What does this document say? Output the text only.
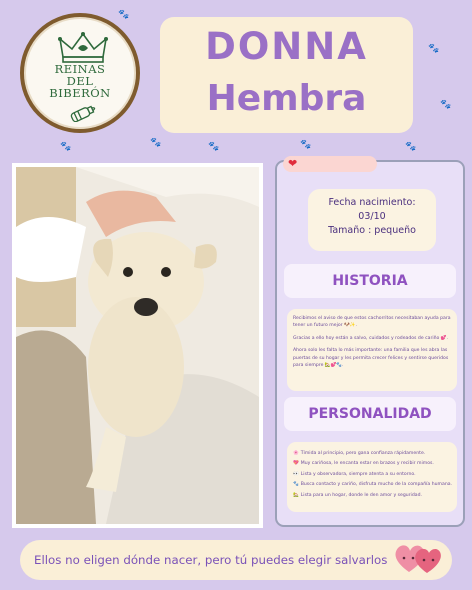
🐾
🐾
🐾
🐾
🐾
🐾
🐾	🐾
REINAS
DEL
BIBERÓN
DONNA
Hembra
❤
Fecha nacimiento:
03/10
Tamaño : pequeño
HISTORIA

Recibimos el aviso de que estos cachorritos necesitaban ayuda para tener un futuro mejor 🐶✨.

Gracias a ello hoy están a salvo, cuidados y rodeados de cariño 💕.

Ahora solo les falta lo más importante: una familia que les abra las puertas de su hogar y les permita crecer felices y sentirse queridos para siempre 🏡💕🐾.

PERSONALIDAD
🌸 Tímida al principio, pero gana confianza rápidamente.
💖 Muy cariñosa, le encanta estar en brazos y recibir mimos.
👀 Lista y observadora, siempre atenta a su entorno.
🐾 Busca contacto y cariño, disfruta mucho de la compañía humana.
🏡 Lista para un hogar, donde le den amor y seguridad.
Ellos no eligen dónde nacer, pero tú puedes elegir salvarlos
